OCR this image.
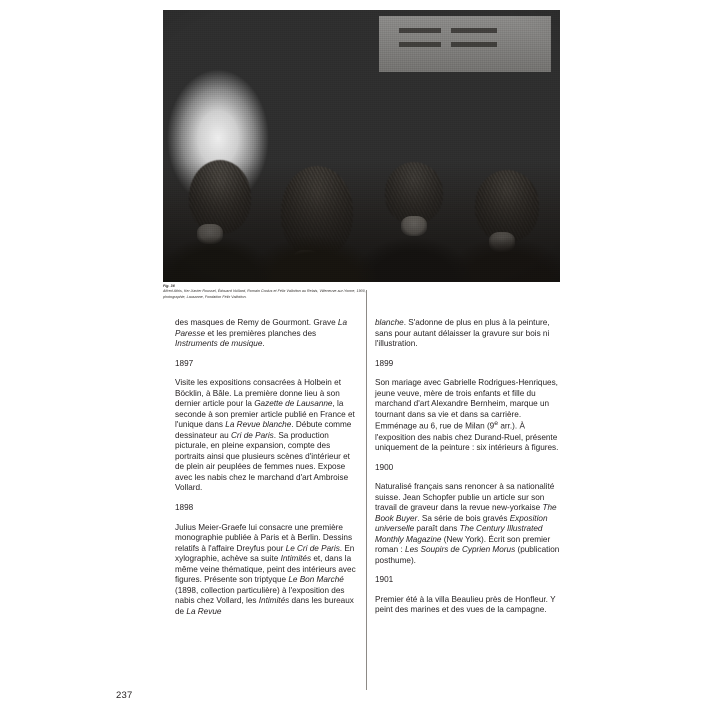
Fig. 36
Alfred Athis, Ker-Xavier Roussel, Édouard Vuillard, Romain Coolus et Félix Vallotton au Relais, Villeneuve-sur-Yonne, 1900, photographie, Lausanne, Fondation Félix Vallotton.

des masques de Remy de Gourmont. Grave La Paresse et les premières planches des Instruments de musique.

1897

Visite les expositions consacrées à Holbein et Böcklin, à Bâle. La première donne lieu à son dernier article pour la Gazette de Lausanne, la seconde à son premier article publié en France et l'unique dans La Revue blanche. Débute comme dessinateur au Cri de Paris. Sa production picturale, en pleine expansion, compte des portraits ainsi que plusieurs scènes d'intérieur et de plein air peuplées de femmes nues. Expose avec les nabis chez le marchand d'art Ambroise Vollard.

1898

Julius Meier-Graefe lui consacre une première monographie publiée à Paris et à Berlin. Dessins relatifs à l'affaire Dreyfus pour Le Cri de Paris. En xylographie, achève sa suite Intimités et, dans la même veine thématique, peint des intérieurs avec figures. Présente son triptyque Le Bon Marché (1898, collection particulière) à l'exposition des nabis chez Vollard, les Intimités dans les bureaux de La Revue

blanche. S'adonne de plus en plus à la peinture, sans pour autant délaisser la gravure sur bois ni l'illustration.

1899

Son mariage avec Gabrielle Rodrigues-Henriques, jeune veuve, mère de trois enfants et fille du marchand d'art Alexandre Bernheim, marque un tournant dans sa vie et dans sa carrière. Emménage au 6, rue de Milan (9e arr.). À l'exposition des nabis chez Durand-Ruel, présente uniquement de la peinture : six intérieurs à figures.

1900

Naturalisé français sans renoncer à sa nationalité suisse. Jean Schopfer publie un article sur son travail de graveur dans la revue new-yorkaise The Book Buyer. Sa série de bois gravés Exposition universelle paraît dans The Century Illustrated Monthly Magazine (New York). Écrit son premier roman : Les Soupirs de Cyprien Morus (publication posthume).

1901

Premier été à la villa Beaulieu près de Honfleur. Y peint des marines et des vues de la campagne.

237
